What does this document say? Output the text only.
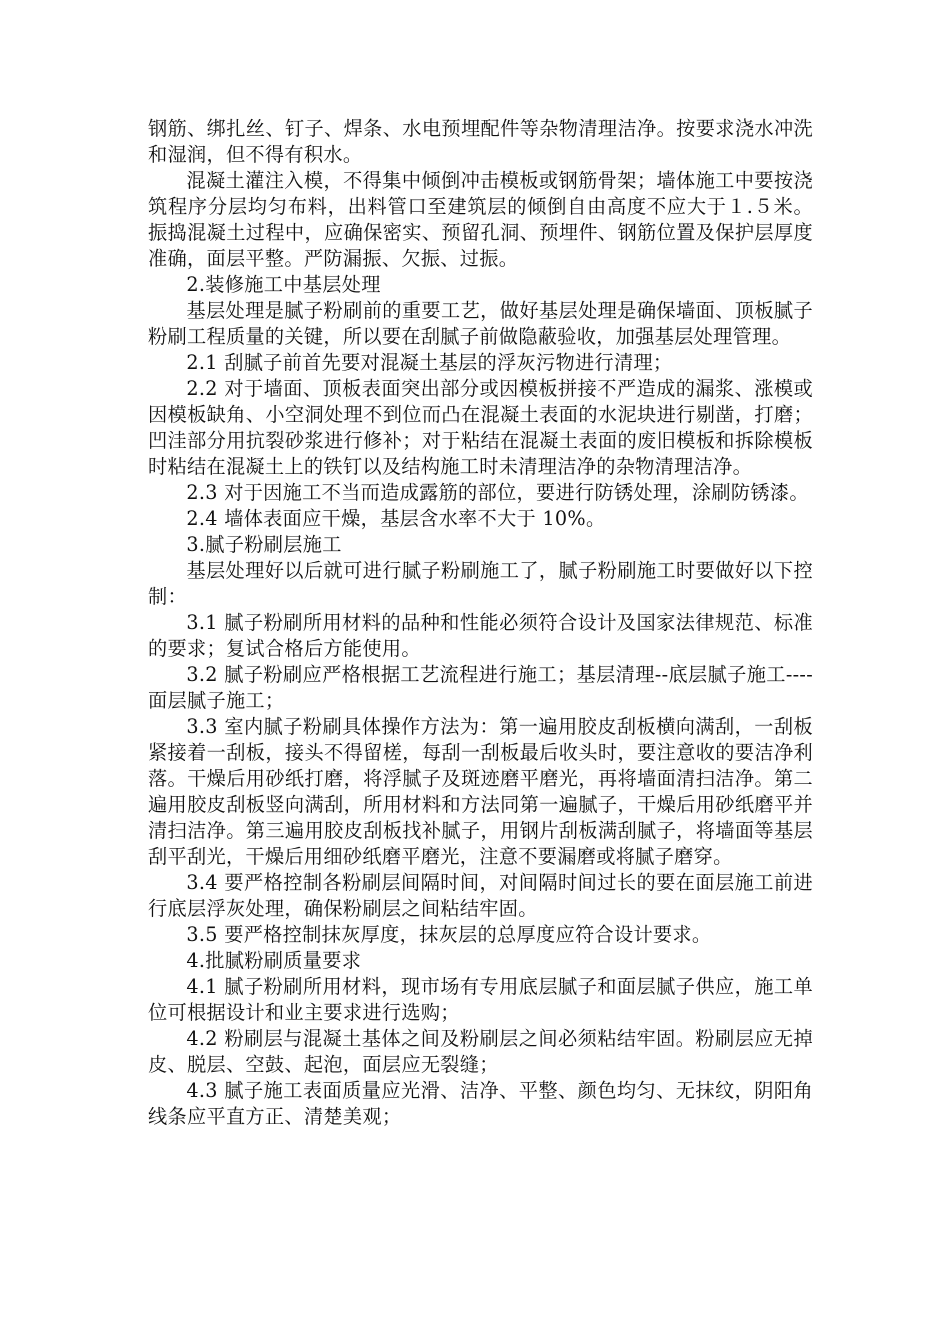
钢筋、绑扎丝、钉子、焊条、水电预埋配件等杂物清理洁净。按要求浇水冲洗和湿润，但不得有积水。

混凝土灌注入模，不得集中倾倒冲击模板或钢筋骨架；墙体施工中要按浇筑程序分层均匀布料，出料管口至建筑层的倾倒自由高度不应大于１.５米。振捣混凝土过程中，应确保密实、预留孔洞、预埋件、钢筋位置及保护层厚度准确，面层平整。严防漏振、欠振、过振。

2.装修施工中基层处理

基层处理是腻子粉刷前的重要工艺，做好基层处理是确保墙面、顶板腻子粉刷工程质量的关键，所以要在刮腻子前做隐蔽验收，加强基层处理管理。

2.1 刮腻子前首先要对混凝土基层的浮灰污物进行清理；

2.2 对于墙面、顶板表面突出部分或因模板拼接不严造成的漏浆、涨模或因模板缺角、小空洞处理不到位而凸在混凝土表面的水泥块进行剔凿，打磨；凹洼部分用抗裂砂浆进行修补；对于粘结在混凝土表面的废旧模板和拆除模板时粘结在混凝土上的铁钉以及结构施工时未清理洁净的杂物清理洁净。

2.3 对于因施工不当而造成露筋的部位，要进行防锈处理，涂刷防锈漆。

2.4 墙体表面应干燥，基层含水率不大于 10%。

3.腻子粉刷层施工

基层处理好以后就可进行腻子粉刷施工了，腻子粉刷施工时要做好以下控制：

3.1 腻子粉刷所用材料的品种和性能必须符合设计及国家法律规范、标准的要求；复试合格后方能使用。

3.2 腻子粉刷应严格根据工艺流程进行施工；基层清理--底层腻子施工----面层腻子施工；

3.3 室内腻子粉刷具体操作方法为：第一遍用胶皮刮板横向满刮，一刮板紧接着一刮板，接头不得留槎，每刮一刮板最后收头时，要注意收的要洁净利落。干燥后用砂纸打磨，将浮腻子及斑迹磨平磨光，再将墙面清扫洁净。第二遍用胶皮刮板竖向满刮，所用材料和方法同第一遍腻子，干燥后用砂纸磨平并清扫洁净。第三遍用胶皮刮板找补腻子，用钢片刮板满刮腻子，将墙面等基层刮平刮光，干燥后用细砂纸磨平磨光，注意不要漏磨或将腻子磨穿。

3.4 要严格控制各粉刷层间隔时间，对间隔时间过长的要在面层施工前进行底层浮灰处理，确保粉刷层之间粘结牢固。

3.5 要严格控制抹灰厚度，抹灰层的总厚度应符合设计要求。

4.批腻粉刷质量要求

4.1 腻子粉刷所用材料，现市场有专用底层腻子和面层腻子供应，施工单位可根据设计和业主要求进行选购；

4.2 粉刷层与混凝土基体之间及粉刷层之间必须粘结牢固。粉刷层应无掉皮、脱层、空鼓、起泡，面层应无裂缝；

4.3 腻子施工表面质量应光滑、洁净、平整、颜色均匀、无抹纹，阴阳角线条应平直方正、清楚美观；
